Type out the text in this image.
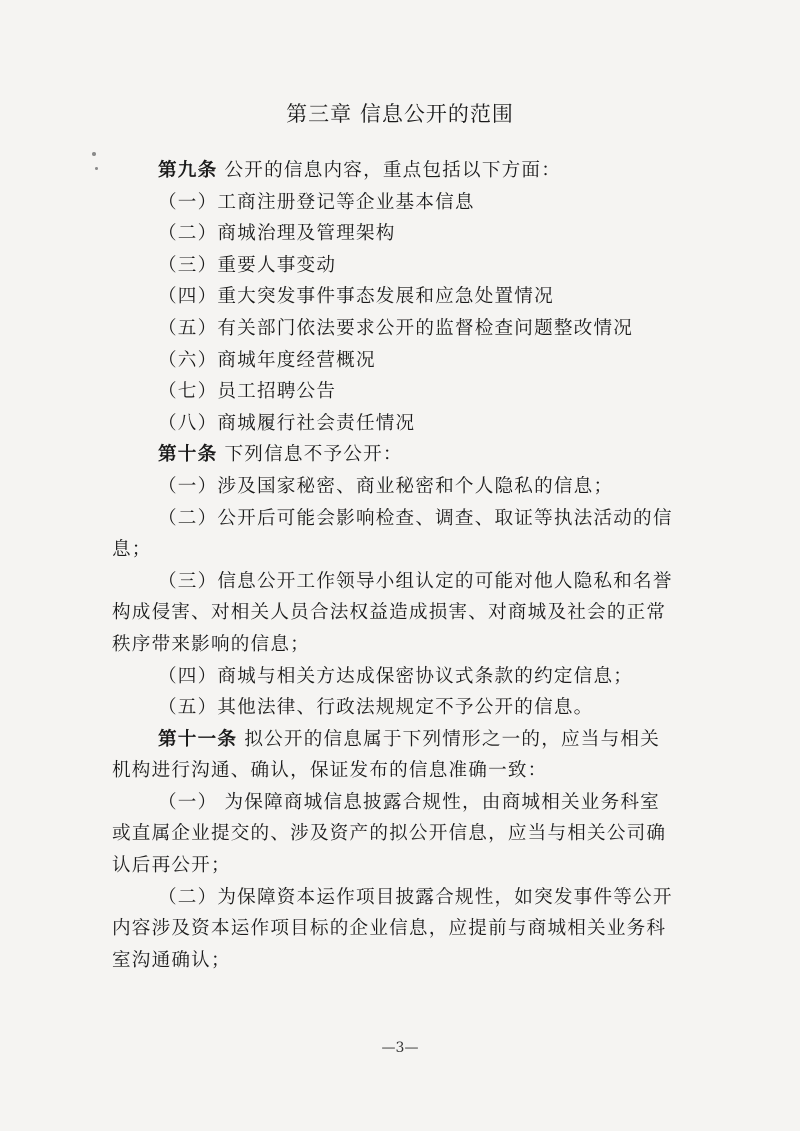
第三章 信息公开的范围

第九条 公开的信息内容，重点包括以下方面：

（一）工商注册登记等企业基本信息

（二）商城治理及管理架构

（三）重要人事变动

（四）重大突发事件事态发展和应急处置情况

（五）有关部门依法要求公开的监督检查问题整改情况

（六）商城年度经营概况

（七）员工招聘公告

（八）商城履行社会责任情况

第十条 下列信息不予公开：

（一）涉及国家秘密、商业秘密和个人隐私的信息；

（二）公开后可能会影响检查、调查、取证等执法活动的信息；

（三）信息公开工作领导小组认定的可能对他人隐私和名誉构成侵害、对相关人员合法权益造成损害、对商城及社会的正常秩序带来影响的信息；

（四）商城与相关方达成保密协议式条款的约定信息；

（五）其他法律、行政法规规定不予公开的信息。

第十一条 拟公开的信息属于下列情形之一的，应当与相关机构进行沟通、确认，保证发布的信息准确一致：

（一） 为保障商城信息披露合规性，由商城相关业务科室或直属企业提交的、涉及资产的拟公开信息，应当与相关公司确认后再公开；

（二）为保障资本运作项目披露合规性，如突发事件等公开内容涉及资本运作项目标的企业信息，应提前与商城相关业务科室沟通确认；

—3—
